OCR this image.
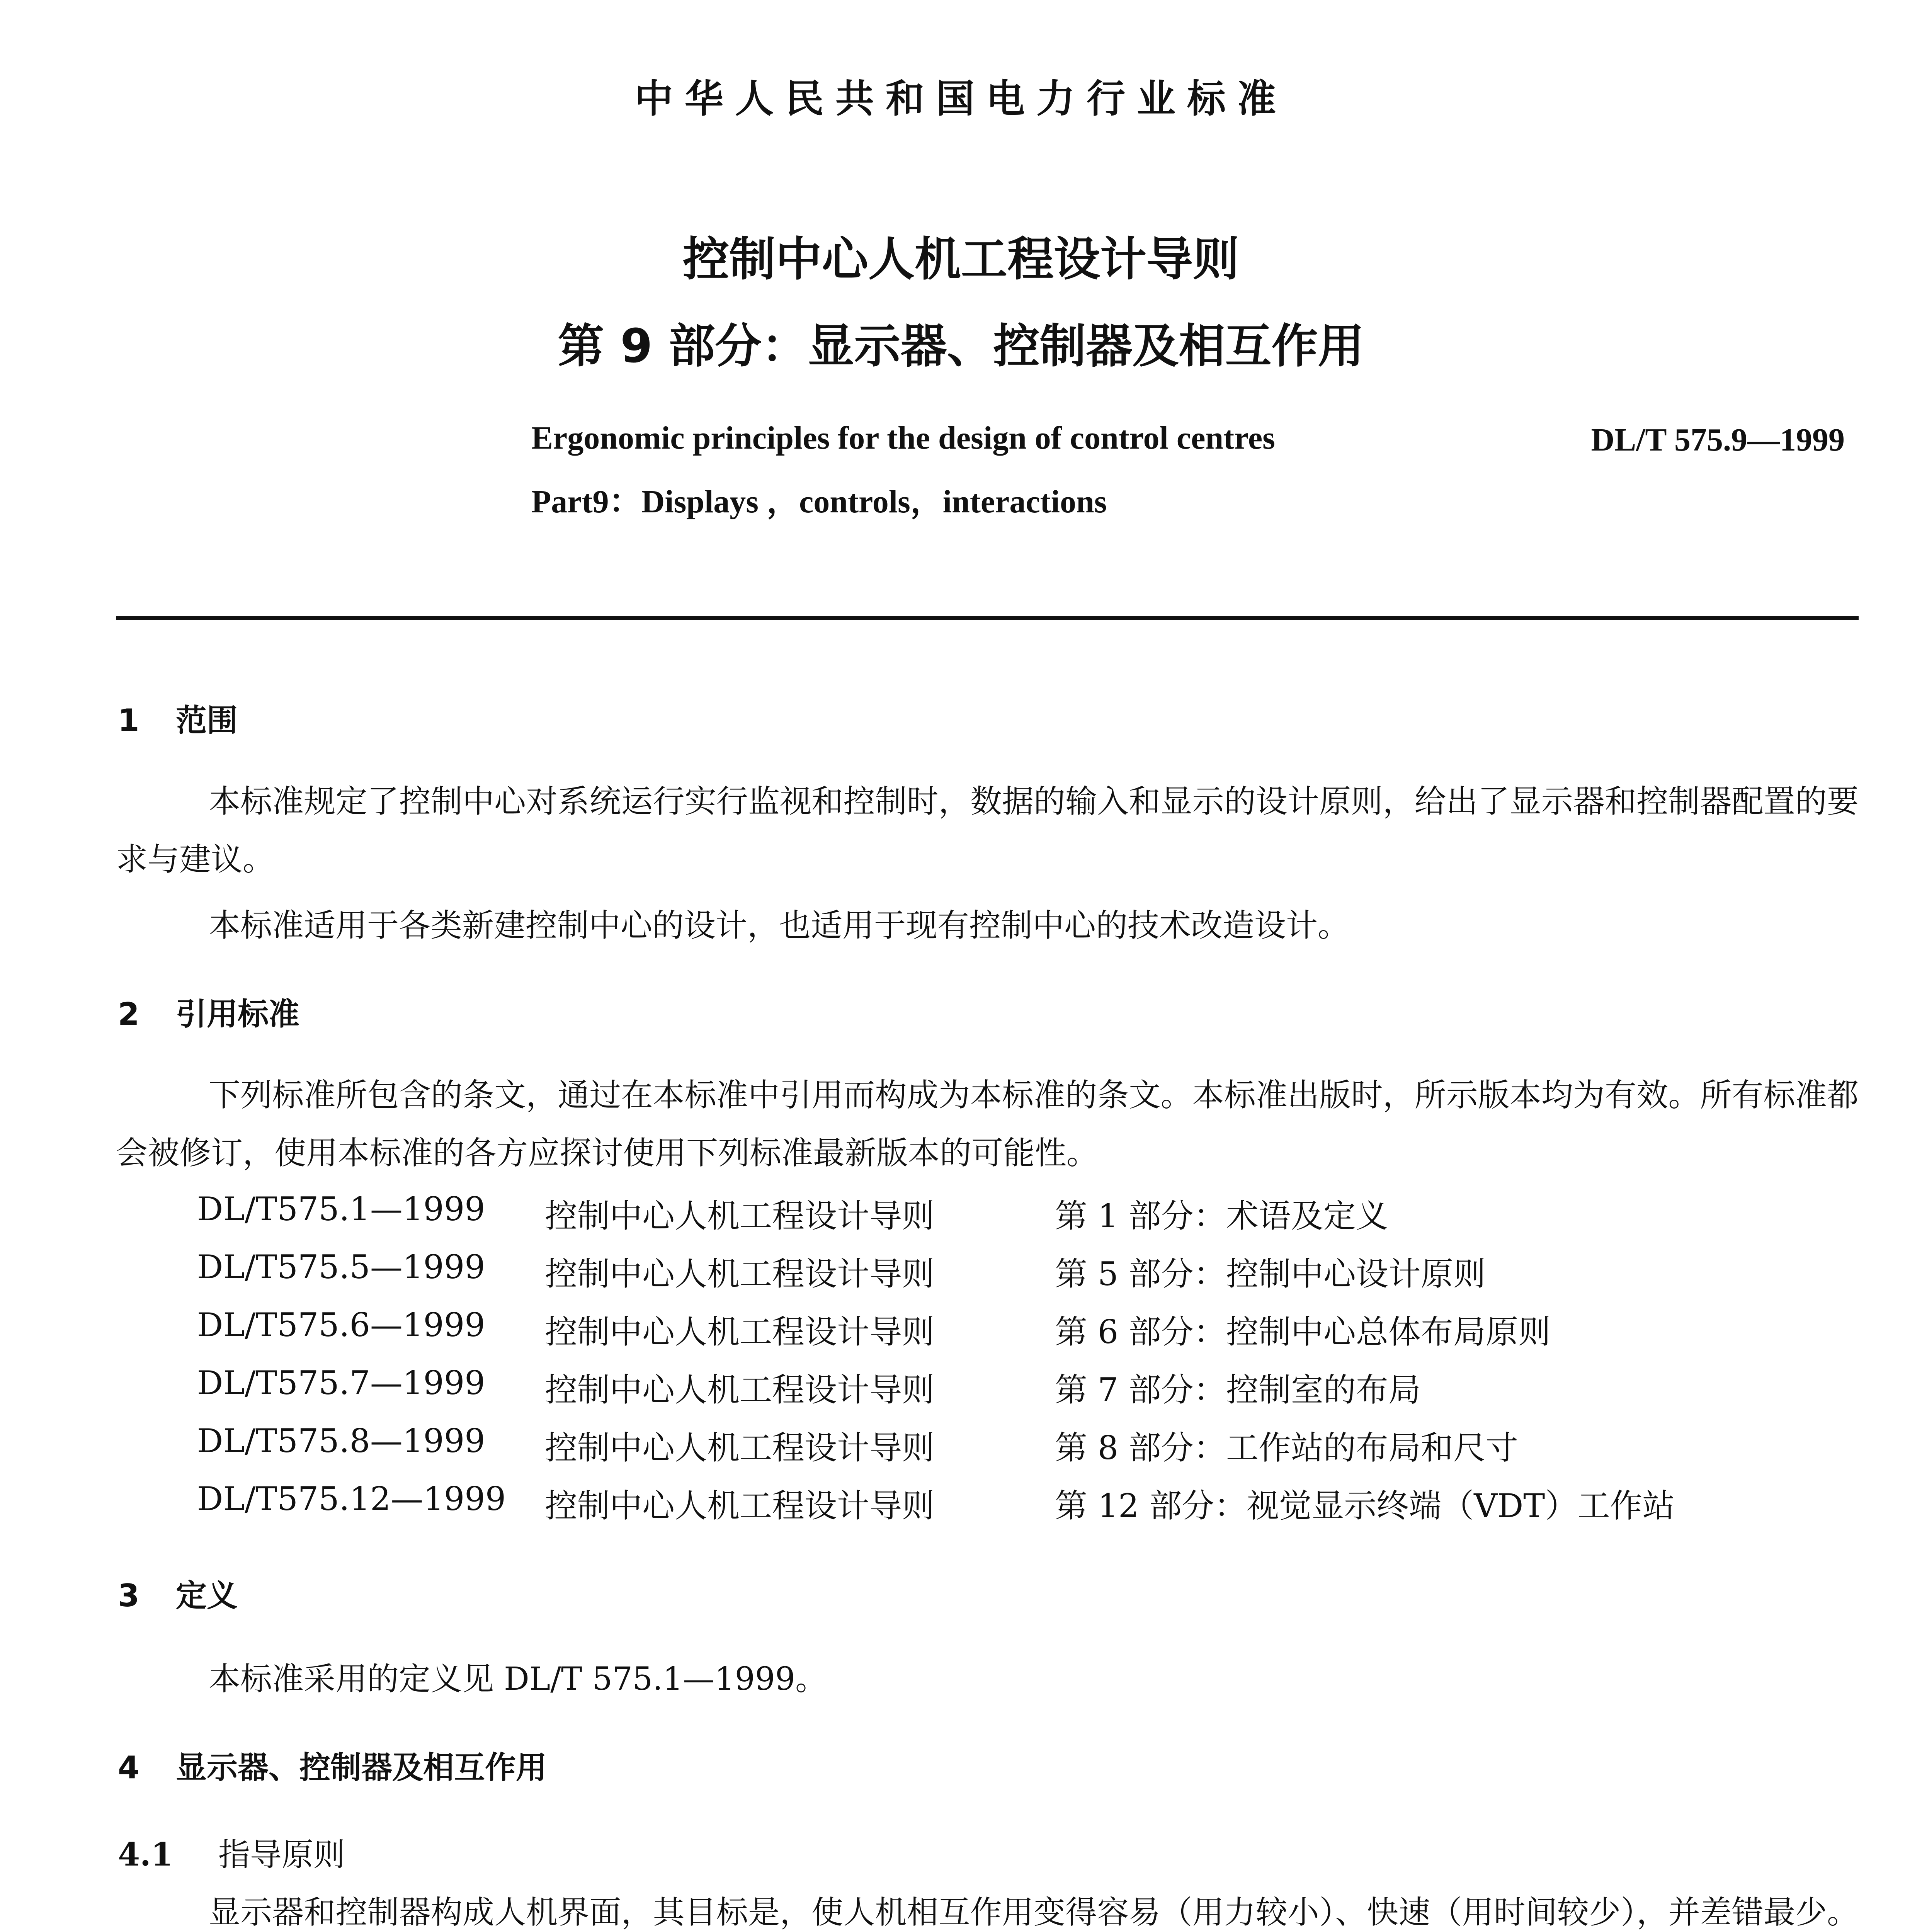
中华人民共和国电力行业标准
控制中心人机工程设计导则
第 9 部分：显示器、控制器及相互作用
Ergonomic principles for the design of control centres
Part9：Displays ，controls，interactions
DL/T 575.9—1999
1 范围
本标准规定了控制中心对系统运行实行监视和控制时，数据的输入和显示的设计原则，给出了显示器和控制器配置的要求与建议。
本标准适用于各类新建控制中心的设计，也适用于现有控制中心的技术改造设计。
2 引用标准
下列标准所包含的条文，通过在本标准中引用而构成为本标准的条文。本标准出版时，所示版本均为有效。所有标准都会被修订，使用本标准的各方应探讨使用下列标准最新版本的可能性。
DL/T575.1—1999 控制中心人机工程设计导则	第 1 部分：术语及定义
DL/T575.5—1999 控制中心人机工程设计导则	第 5 部分：控制中心设计原则
DL/T575.6—1999 控制中心人机工程设计导则	第 6 部分：控制中心总体布局原则
DL/T575.7—1999 控制中心人机工程设计导则	第 7 部分：控制室的布局
DL/T575.8—1999 控制中心人机工程设计导则	第 8 部分：工作站的布局和尺寸
DL/T575.12—1999 控制中心人机工程设计导则	第 12 部分：视觉显示终端（VDT）工作站
3 定义
本标准采用的定义见 DL/T 575.1—1999。
4 显示器、控制器及相互作用
4.1 指导原则
显示器和控制器构成人机界面，其目标是，使人机相互作用变得容易（用力较小）、快速（用时间较少），并差错最少。
